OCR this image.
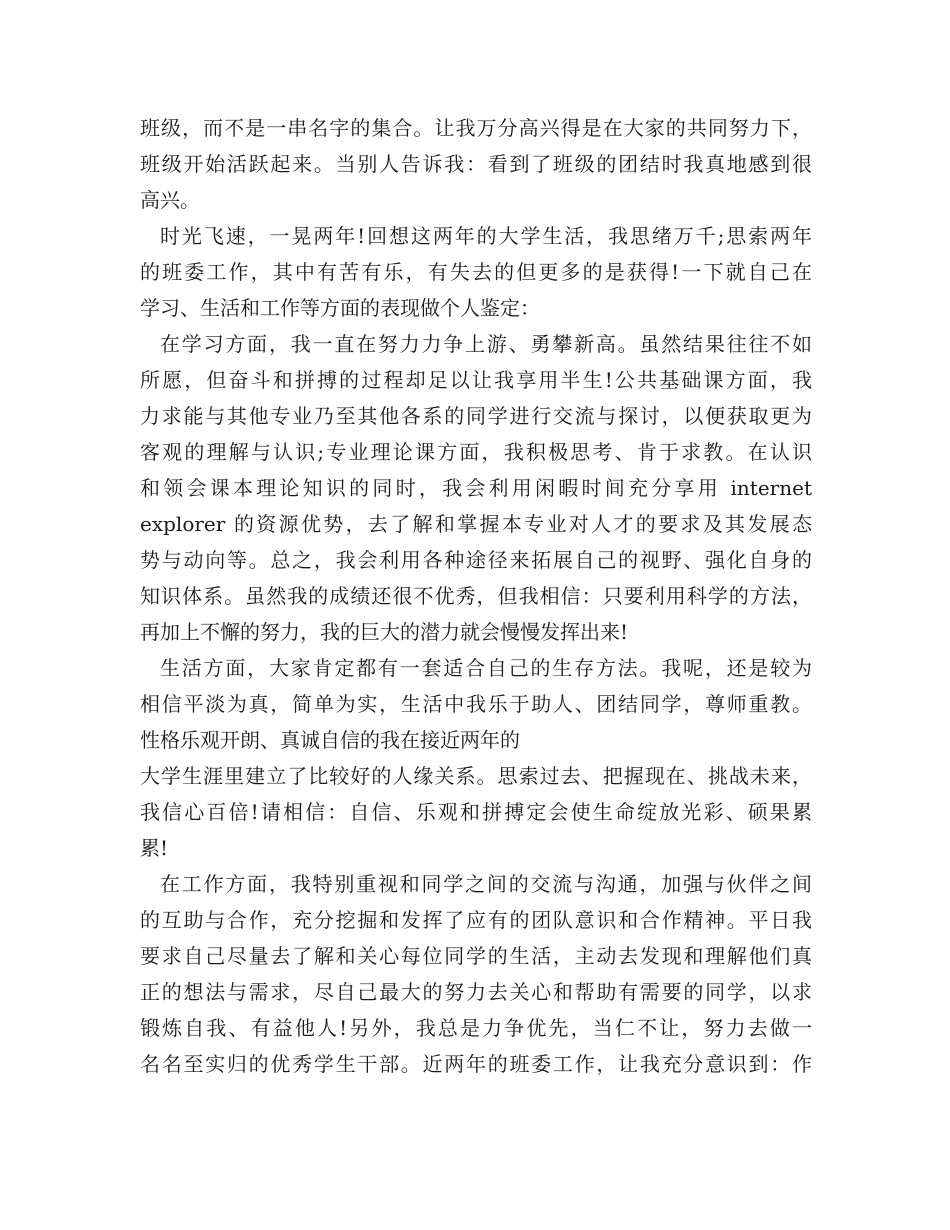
班级，而不是一串名字的集合。让我万分高兴得是在大家的共同努力下，
班级开始活跃起来。当别人告诉我：看到了班级的团结时我真地感到很
高兴。
时光飞速，一晃两年!回想这两年的大学生活，我思绪万千;思索两年
的班委工作，其中有苦有乐，有失去的但更多的是获得!一下就自己在
学习、生活和工作等方面的表现做个人鉴定：
在学习方面，我一直在努力力争上游、勇攀新高。虽然结果往往不如
所愿，但奋斗和拼搏的过程却足以让我享用半生!公共基础课方面，我
力求能与其他专业乃至其他各系的同学进行交流与探讨，以便获取更为
客观的理解与认识;专业理论课方面，我积极思考、肯于求教。在认识
和领会课本理论知识的同时，我会利用闲暇时间充分享用 internet
explorer 的资源优势，去了解和掌握本专业对人才的要求及其发展态
势与动向等。总之，我会利用各种途径来拓展自己的视野、强化自身的
知识体系。虽然我的成绩还很不优秀，但我相信：只要利用科学的方法，
再加上不懈的努力，我的巨大的潜力就会慢慢发挥出来!
生活方面，大家肯定都有一套适合自己的生存方法。我呢，还是较为
相信平淡为真，简单为实，生活中我乐于助人、团结同学，尊师重教。
性格乐观开朗、真诚自信的我在接近两年的
大学生涯里建立了比较好的人缘关系。思索过去、把握现在、挑战未来，
我信心百倍!请相信：自信、乐观和拼搏定会使生命绽放光彩、硕果累
累!
在工作方面，我特别重视和同学之间的交流与沟通，加强与伙伴之间
的互助与合作，充分挖掘和发挥了应有的团队意识和合作精神。平日我
要求自己尽量去了解和关心每位同学的生活，主动去发现和理解他们真
正的想法与需求，尽自己最大的努力去关心和帮助有需要的同学，以求
锻炼自我、有益他人!另外，我总是力争优先，当仁不让，努力去做一
名名至实归的优秀学生干部。近两年的班委工作，让我充分意识到：作
